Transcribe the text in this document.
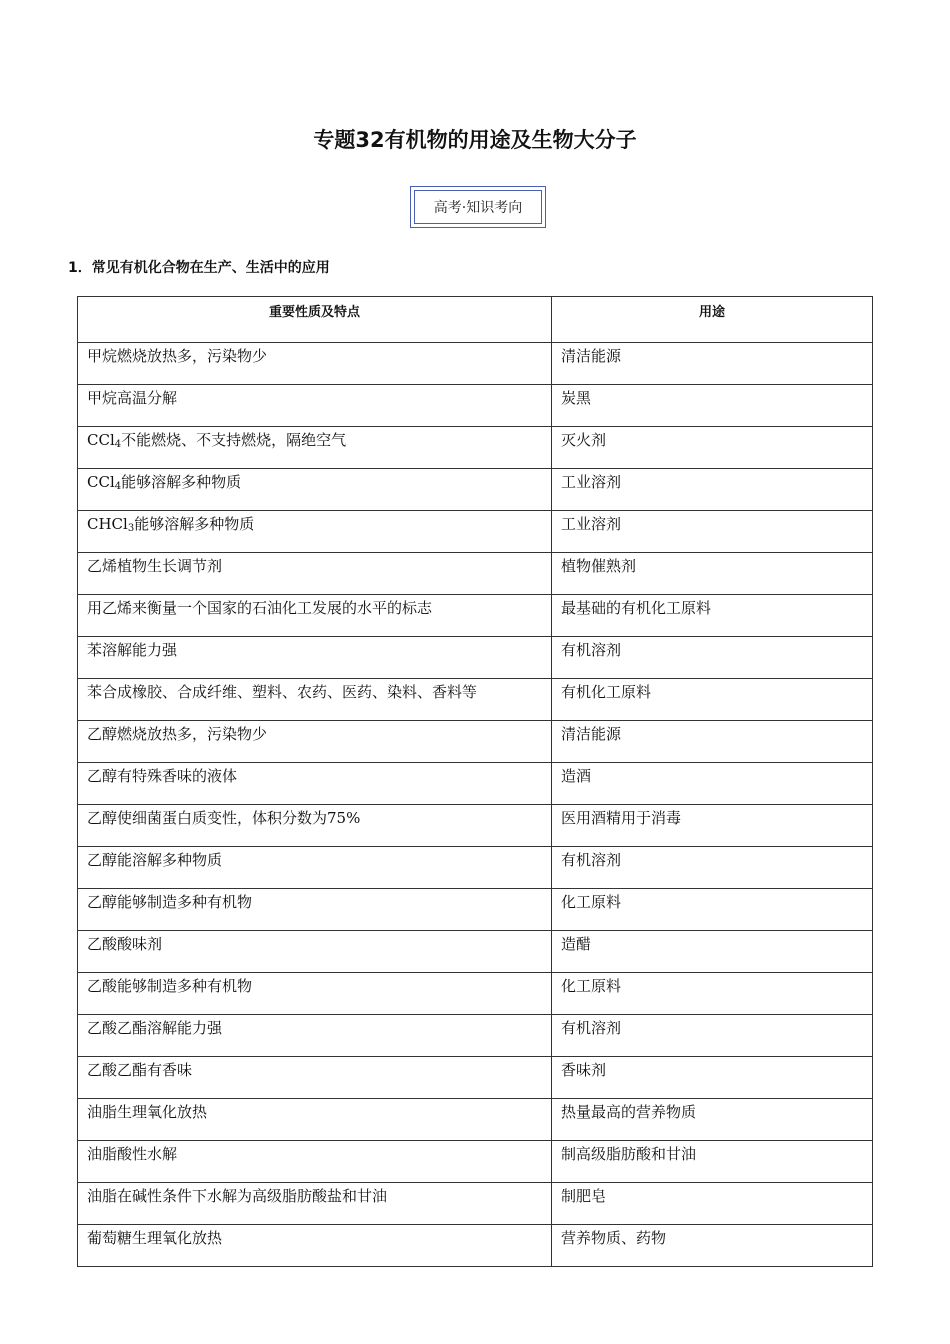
专题32有机物的用途及生物大分子
高考·知识考向
1．常见有机化合物在生产、生活中的应用
重要性质及特点	用途
甲烷燃烧放热多，污染物少	清洁能源
甲烷高温分解	炭黑
CCl$_4$不能燃烧、不支持燃烧，隔绝空气	灭火剂
CCl$_4$能够溶解多种物质	工业溶剂
CHCl$_3$能够溶解多种物质	工业溶剂
乙烯植物生长调节剂	植物催熟剂
用乙烯来衡量一个国家的石油化工发展的水平的标志	最基础的有机化工原料
苯溶解能力强	有机溶剂
苯合成橡胶、合成纤维、塑料、农药、医药、染料、香料等	有机化工原料
乙醇燃烧放热多，污染物少	清洁能源
乙醇有特殊香味的液体	造酒
乙醇使细菌蛋白质变性，体积分数为75%	医用酒精用于消毒
乙醇能溶解多种物质	有机溶剂
乙醇能够制造多种有机物	化工原料
乙酸酸味剂	造醋
乙酸能够制造多种有机物	化工原料
乙酸乙酯溶解能力强	有机溶剂
乙酸乙酯有香味	香味剂
油脂生理氧化放热	热量最高的营养物质
油脂酸性水解	制高级脂肪酸和甘油
油脂在碱性条件下水解为高级脂肪酸盐和甘油	制肥皂
葡萄糖生理氧化放热	营养物质、药物
